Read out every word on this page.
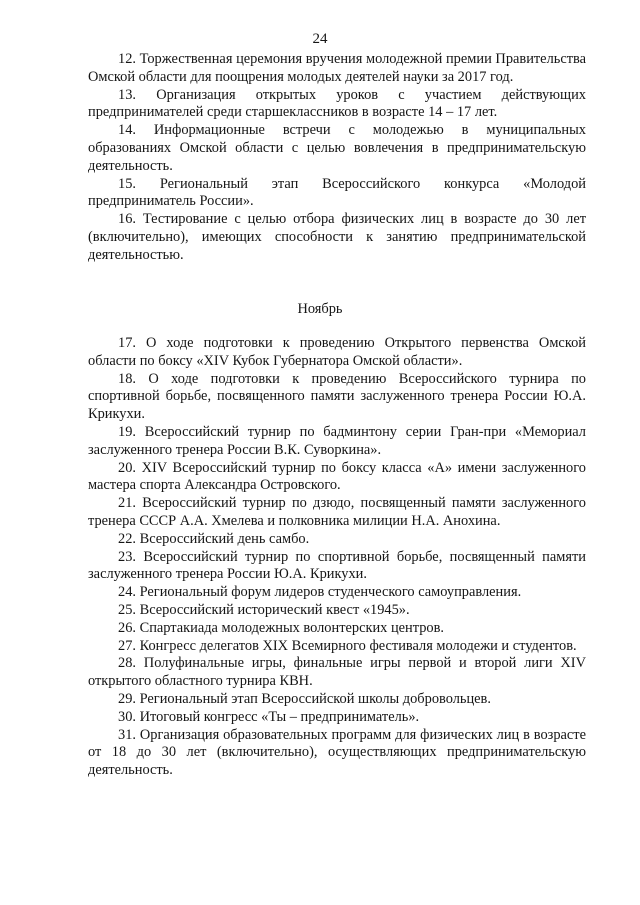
24

12. Торжественная церемония вручения молодежной премии Правительства Омской области для поощрения молодых деятелей науки за 2017 год.

13. Организация открытых уроков с участием действующих предпринимателей среди старшеклассников в возрасте 14 – 17 лет.

14. Информационные встречи с молодежью в муниципальных образованиях Омской области с целью вовлечения в предпринимательскую деятельность.

15. Региональный этап Всероссийского конкурса «Молодой предприниматель России».

16. Тестирование с целью отбора физических лиц в возрасте до 30 лет (включительно), имеющих способности к занятию предпринимательской деятельностью.

Ноябрь

17. О ходе подготовки к проведению Открытого первенства Омской области по боксу «XIV Кубок Губернатора Омской области».

18. О ходе подготовки к проведению Всероссийского турнира по спортивной борьбе, посвященного памяти заслуженного тренера России Ю.А. Крикухи.

19. Всероссийский турнир по бадминтону серии Гран-при «Мемориал заслуженного тренера России В.К. Суворкина».

20. XIV Всероссийский турнир по боксу класса «А» имени заслуженного мастера спорта Александра Островского.

21. Всероссийский турнир по дзюдо, посвященный памяти заслуженного тренера СССР А.А. Хмелева и полковника милиции Н.А. Анохина.

22. Всероссийский день самбо.

23. Всероссийский турнир по спортивной борьбе, посвященный памяти заслуженного тренера России Ю.А. Крикухи.

24. Региональный форум лидеров студенческого самоуправления.

25. Всероссийский исторический квест «1945».

26. Спартакиада молодежных волонтерских центров.

27. Конгресс делегатов XIX Всемирного фестиваля молодежи и студентов.

28. Полуфинальные игры, финальные игры первой и второй лиги XIV открытого областного турнира КВН.

29. Региональный этап Всероссийской школы добровольцев.

30. Итоговый конгресс «Ты – предприниматель».

31. Организация образовательных программ для физических лиц в возрасте от 18 до 30 лет (включительно), осуществляющих предпринимательскую деятельность.
